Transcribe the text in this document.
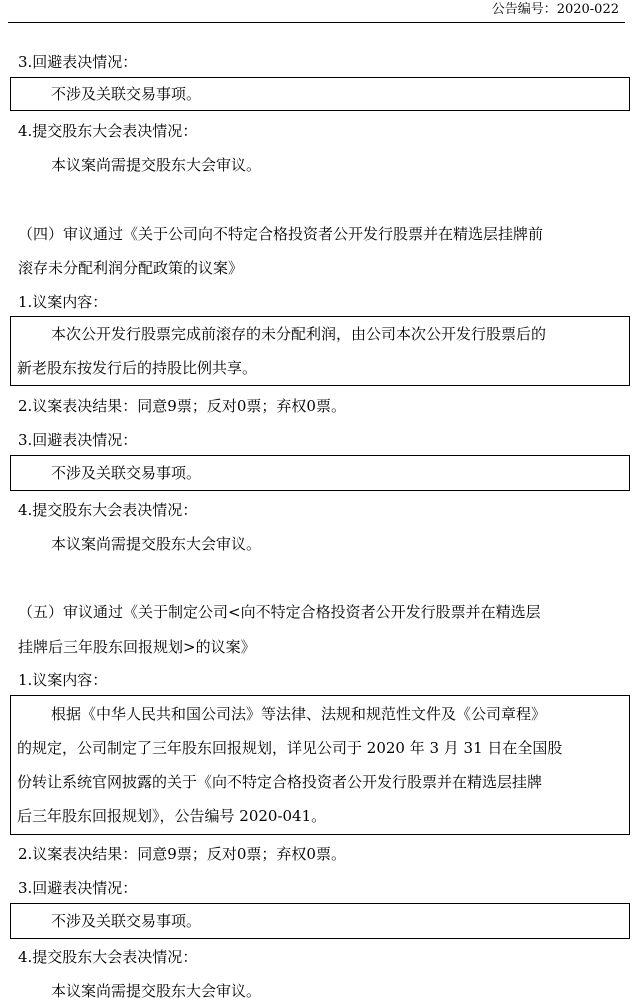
公告编号：2020-022
3.回避表决情况：
不涉及关联交易事项。
4.提交股东大会表决情况：
本议案尚需提交股东大会审议。
（四）审议通过《关于公司向不特定合格投资者公开发行股票并在精选层挂牌前
滚存未分配利润分配政策的议案》
1.议案内容：
本次公开发行股票完成前滚存的未分配利润，由公司本次公开发行股票后的
新老股东按发行后的持股比例共享。
2.议案表决结果：同意9票；反对0票；弃权0票。
3.回避表决情况：
不涉及关联交易事项。
4.提交股东大会表决情况：
本议案尚需提交股东大会审议。
（五）审议通过《关于制定公司<向不特定合格投资者公开发行股票并在精选层
挂牌后三年股东回报规划>的议案》
1.议案内容：
根据《中华人民共和国公司法》等法律、法规和规范性文件及《公司章程》
的规定，公司制定了三年股东回报规划，详见公司于 2020 年 3 月 31 日在全国股
份转让系统官网披露的关于《向不特定合格投资者公开发行股票并在精选层挂牌
后三年股东回报规划》，公告编号 2020-041。
2.议案表决结果：同意9票；反对0票；弃权0票。
3.回避表决情况：
不涉及关联交易事项。
4.提交股东大会表决情况：
本议案尚需提交股东大会审议。
